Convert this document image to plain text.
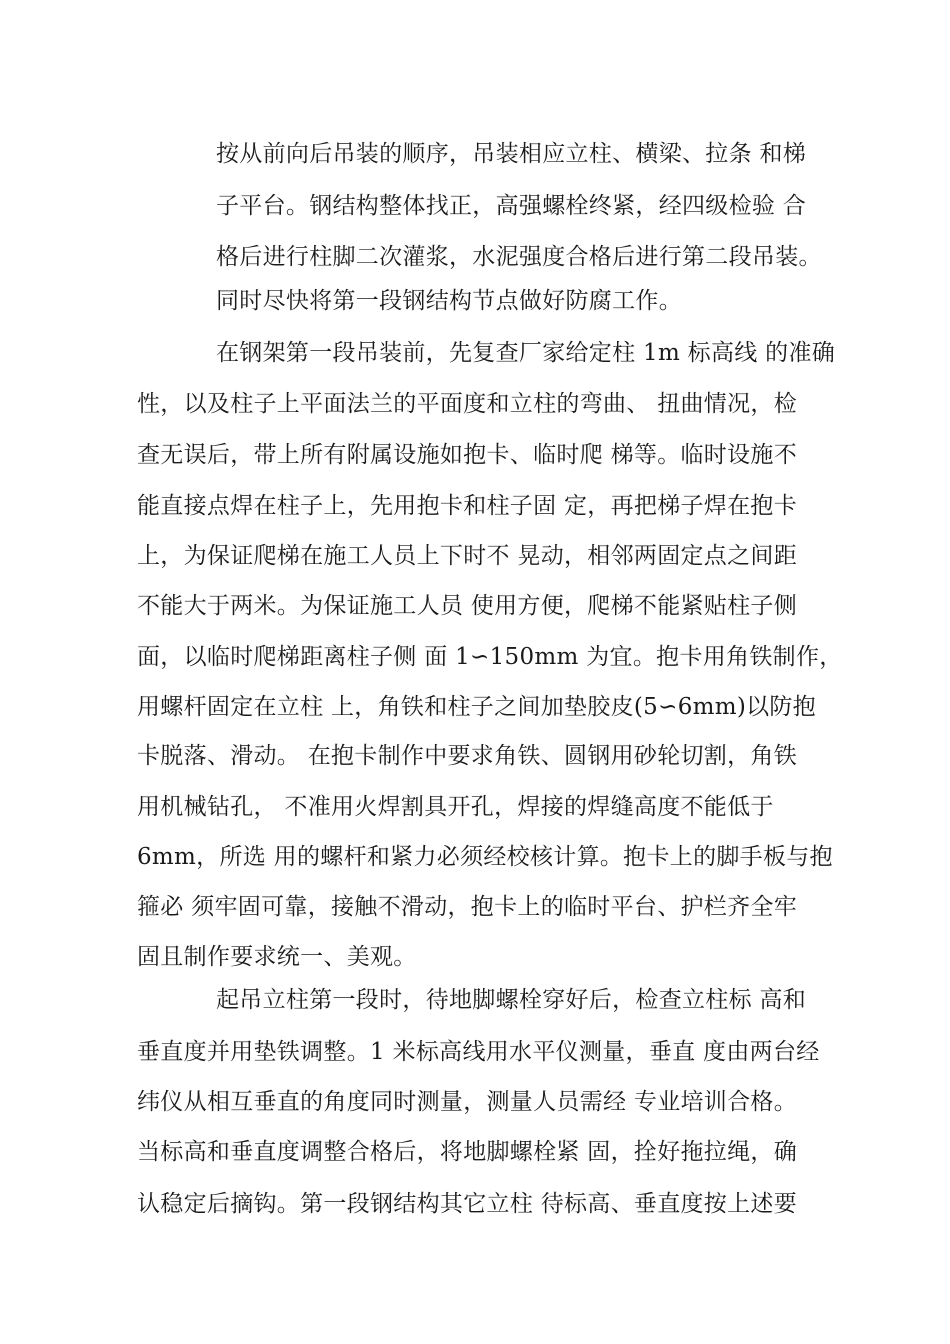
按从前向后吊装的顺序，吊装相应立柱、横梁、拉条 和梯
子平台。钢结构整体找正，高强螺栓终紧，经四级检验 合
格后进行柱脚二次灌浆，水泥强度合格后进行第二段吊装。
同时尽快将第一段钢结构节点做好防腐工作。
在钢架第一段吊装前，先复查厂家给定柱 1m 标高线 的准确
性，以及柱子上平面法兰的平面度和立柱的弯曲、 扭曲情况，检
查无误后，带上所有附属设施如抱卡、临时爬 梯等。临时设施不
能直接点焊在柱子上，先用抱卡和柱子固 定，再把梯子焊在抱卡
上，为保证爬梯在施工人员上下时不 晃动，相邻两固定点之间距
不能大于两米。为保证施工人员 使用方便，爬梯不能紧贴柱子侧
面，以临时爬梯距离柱子侧 面 1∽150mm 为宜。抱卡用角铁制作，
用螺杆固定在立柱 上，角铁和柱子之间加垫胶皮(5∽6mm)以防抱
卡脱落、滑动。 在抱卡制作中要求角铁、圆钢用砂轮切割，角铁
用机械钻孔， 不准用火焊割具开孔，焊接的焊缝高度不能低于
6mm，所选 用的螺杆和紧力必须经校核计算。抱卡上的脚手板与抱
箍必 须牢固可靠，接触不滑动，抱卡上的临时平台、护栏齐全牢
固且制作要求统一、美观。
起吊立柱第一段时，待地脚螺栓穿好后，检查立柱标 高和
垂直度并用垫铁调整。1 米标高线用水平仪测量，垂直 度由两台经
纬仪从相互垂直的角度同时测量，测量人员需经 专业培训合格。
当标高和垂直度调整合格后，将地脚螺栓紧 固，拴好拖拉绳，确
认稳定后摘钩。第一段钢结构其它立柱 待标高、垂直度按上述要
